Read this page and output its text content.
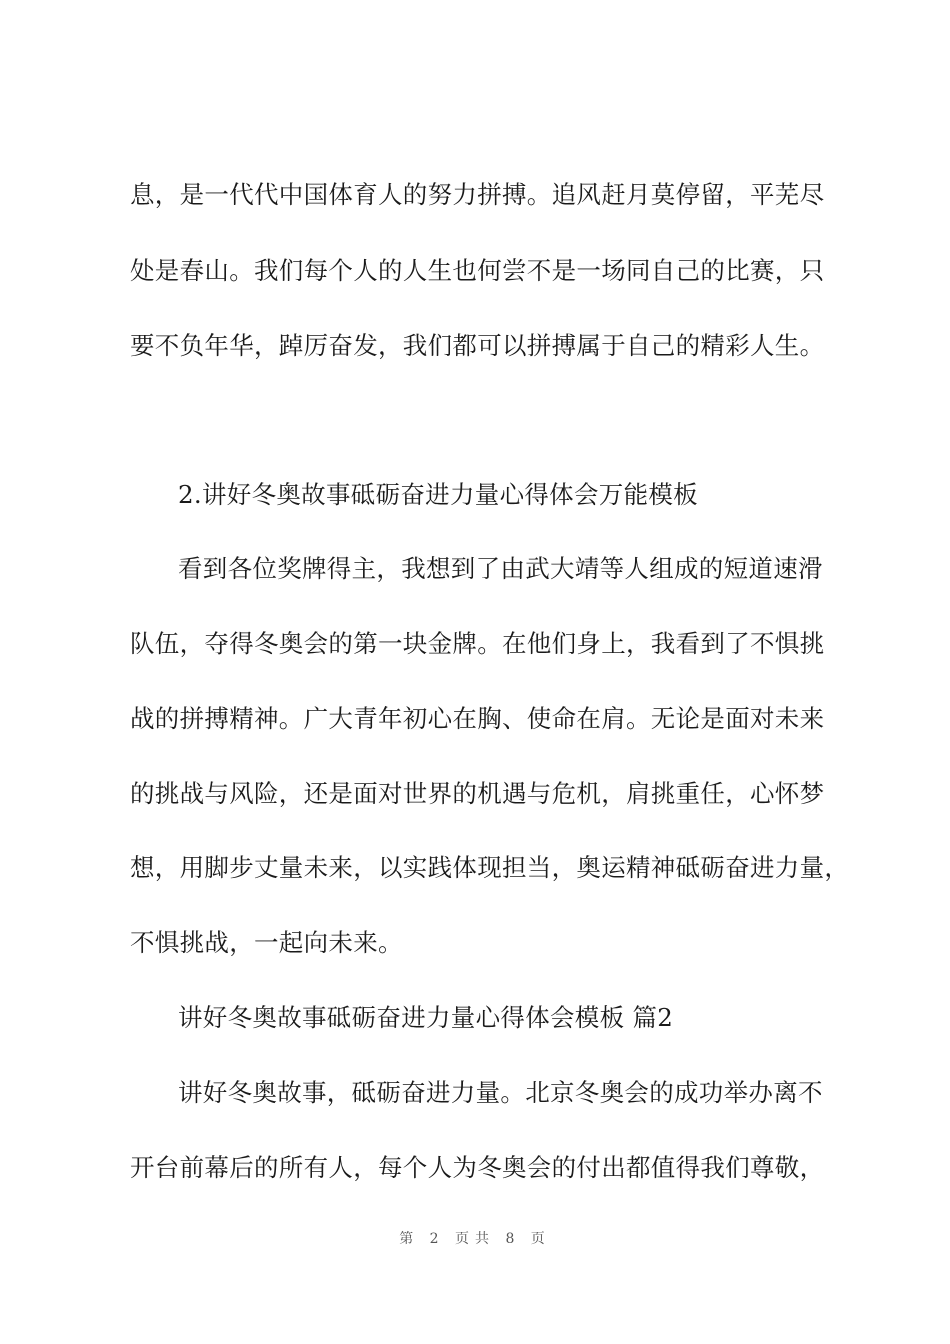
息，是一代代中国体育人的努力拼搏。追风赶月莫停留，平芜尽
处是春山。我们每个人的人生也何尝不是一场同自己的比赛，只
要不负年华，踔厉奋发，我们都可以拼搏属于自己的精彩人生。
2.讲好冬奥故事砥砺奋进力量心得体会万能模板
看到各位奖牌得主，我想到了由武大靖等人组成的短道速滑
队伍，夺得冬奥会的第一块金牌。在他们身上，我看到了不惧挑
战的拼搏精神。广大青年初心在胸、使命在肩。无论是面对未来
的挑战与风险，还是面对世界的机遇与危机，肩挑重任，心怀梦
想，用脚步丈量未来，以实践体现担当，奥运精神砥砺奋进力量，
不惧挑战，一起向未来。
讲好冬奥故事砥砺奋进力量心得体会模板 篇2
讲好冬奥故事，砥砺奋进力量。北京冬奥会的成功举办离不
开台前幕后的所有人，每个人为冬奥会的付出都值得我们尊敬，
第 2 页共 8 页
